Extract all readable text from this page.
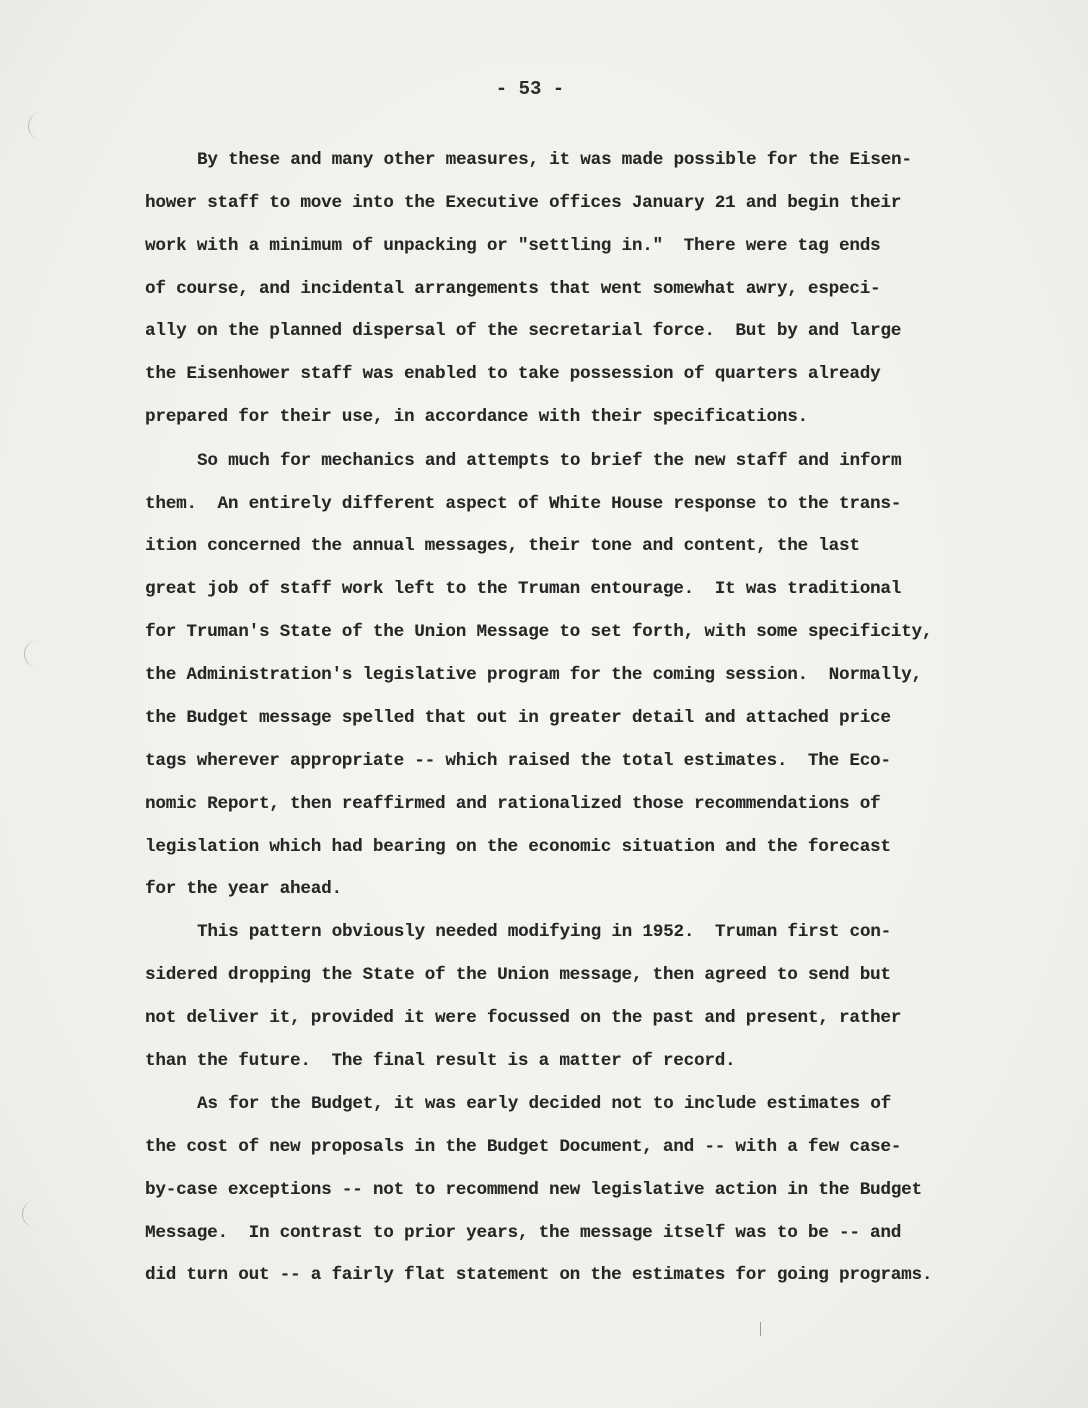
- 53 -
By these and many other measures, it was made possible for the Eisen-
hower staff to move into the Executive offices January 21 and begin their
work with a minimum of unpacking or "settling in."  There were tag ends
of course, and incidental arrangements that went somewhat awry, especi-
ally on the planned dispersal of the secretarial force.  But by and large
the Eisenhower staff was enabled to take possession of quarters already
prepared for their use, in accordance with their specifications.
So much for mechanics and attempts to brief the new staff and inform
them.  An entirely different aspect of White House response to the trans-
ition concerned the annual messages, their tone and content, the last
great job of staff work left to the Truman entourage.  It was traditional
for Truman's State of the Union Message to set forth, with some specificity,
the Administration's legislative program for the coming session.  Normally,
the Budget message spelled that out in greater detail and attached price
tags wherever appropriate -- which raised the total estimates.  The Eco-
nomic Report, then reaffirmed and rationalized those recommendations of
legislation which had bearing on the economic situation and the forecast
for the year ahead.
This pattern obviously needed modifying in 1952.  Truman first con-
sidered dropping the State of the Union message, then agreed to send but
not deliver it, provided it were focussed on the past and present, rather
than the future.  The final result is a matter of record.
As for the Budget, it was early decided not to include estimates of
the cost of new proposals in the Budget Document, and -- with a few case-
by-case exceptions -- not to recommend new legislative action in the Budget
Message.  In contrast to prior years, the message itself was to be -- and
did turn out -- a fairly flat statement on the estimates for going programs.
